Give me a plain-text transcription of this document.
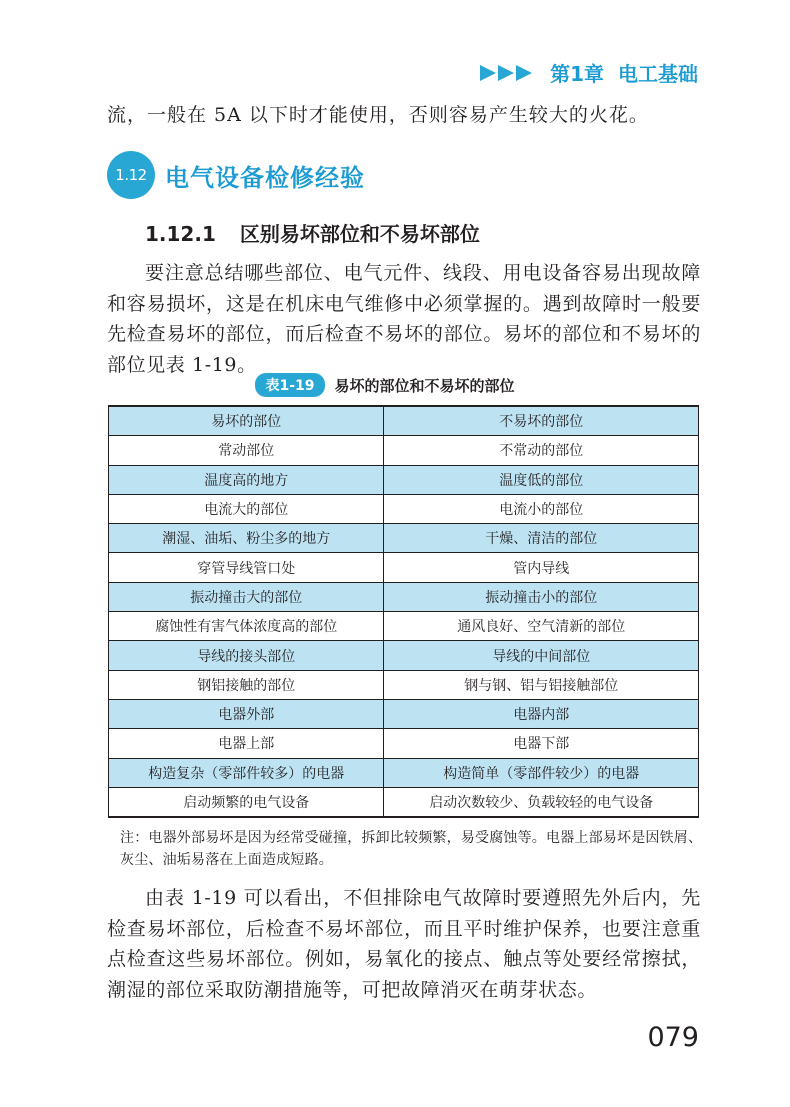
第1章 电工基础
流，一般在 5A 以下时才能使用，否则容易产生较大的火花。
1.12 电气设备检修经验
1.12.1 区别易坏部位和不易坏部位

要注意总结哪些部位、电气元件、线段、用电设备容易出现故障和容易损坏，这是在机床电气维修中必须掌握的。遇到故障时一般要先检查易坏的部位，而后检查不易坏的部位。易坏的部位和不易坏的部位见表 1-19。

表1-19	易坏的部位和不易坏的部位
易坏的部位	不易坏的部位
常动部位	不常动的部位
温度高的地方	温度低的部位
电流大的部位	电流小的部位
潮湿、油垢、粉尘多的地方	干燥、清洁的部位
穿管导线管口处	管内导线
振动撞击大的部位	振动撞击小的部位
腐蚀性有害气体浓度高的部位	通风良好、空气清新的部位
导线的接头部位	导线的中间部位
钢铝接触的部位	钢与钢、铝与铝接触部位
电器外部	电器内部
电器上部	电器下部
构造复杂（零部件较多）的电器	构造简单（零部件较少）的电器
启动频繁的电气设备	启动次数较少、负载较轻的电气设备
注：电器外部易坏是因为经常受碰撞，拆卸比较频繁，易受腐蚀等。电器上部易坏是因铁屑、灰尘、油垢易落在上面造成短路。

由表 1-19 可以看出，不但排除电气故障时要遵照先外后内，先检查易坏部位，后检查不易坏部位，而且平时维护保养，也要注意重点检查这些易坏部位。例如，易氧化的接点、触点等处要经常擦拭，潮湿的部位采取防潮措施等，可把故障消灭在萌芽状态。

079
